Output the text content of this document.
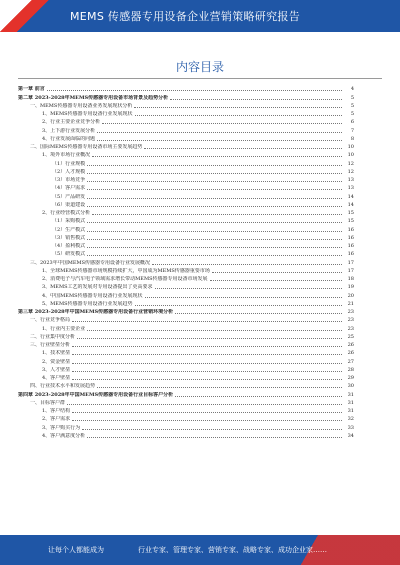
MEMS 传感器专用设备企业营销策略研究报告
内容目录
第一章 前言	4
第二章 2023-2028年MEMS传感器专用设备市场背景及趋势分析	5
一、MEMS传感器专用设备业务发展现状分析	5
1、MEMS传感器专用设备行业发展现状	5
2、行业主要企业竞争分析	6
3、上下游行业发展分析	7
4、行业发展面临的问题	8
二、国际MEMS传感器专用设备市场主要发展趋势	10
1、境外市场行业概况	10
（1）行业规模	12
（2）人才规模	12
（3）市场竞争	13
（4）客户需求	13
（5）产品研发	14
（6）渠道建设	14
2、行业经营模式分析	15
（1）采购模式	15
（2）生产模式	16
（3）销售模式	16
（4）盈利模式	16
（5）研发模式	16
三、2023年中国MEMS传感器专用设备行业发展概况	17
1、全球MEMS传感器市场规模持续扩大，中国成为MEMS传感器重要市场	17
2、消费电子与汽车电子领域需求增长带动MEMS传感器专用设备市场发展	18
3、MEMS工艺的发展对专用设备提出了更高要求	19
4、中国MEMS传感器专用设备行业发展现状	20
5、MEMS传感器专用设备行业发展趋势	21
第三章 2023-2028年中国MEMS传感器专用设备行业营销环境分析	23
一、行业竞争格局	23
1、行业内主要企业	23
二、行业集中度分析	25
三、行业壁垒分析	26
1、技术壁垒	26
2、资金壁垒	27
3、人才壁垒	28
4、客户壁垒	29
四、行业技术水平和发展趋势	30
第四章 2023-2028年中国MEMS传感器专用设备行业目标客户分析	31
一、目标客户群	31
1、客户结构	31
2、客户需求	32
3、客户购买行为	33
4、客户满意度分析	34
让每个人都能成为	行业专家、管理专家、营销专家、战略专家、成功企业家……
